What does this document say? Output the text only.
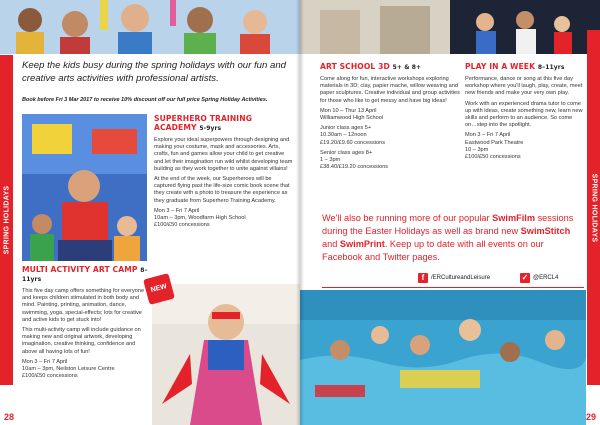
SPRING HOLIDAYS
Keep the kids busy during the spring holidays with our fun and creative arts activities with professional artists.
Book before Fri 3 Mar 2017 to receive 10% discount off our full price Spring Holiday Activities.
SUPERHERO TRAINING ACADEMY 5-9yrs

Explore your ideal superpowers through designing and making your costume, mask and accessories. Arts, crafts, fun and games allow your child to get creative and let their imagination run wild whilst developing team building as they work together to unite against villains!

At the end of the week, our Superheroes will be captured flying past the life-size comic book scene that they create with a photo to treasure the experience as they graduate from Superhero Training Academy.

Mon 3 – Fri 7 April

10am – 3pm, Woodfarm High School

£100/£50 concessions

MULTI ACTIVITY ART CAMP 8–11yrs

This five day camp offers something for everyone and keeps children stimulated in both body and mind. Painting, printing, animation, dance, swimming, yoga, special-effects; lots for creative and active kids to get stuck into!

This multi-activity camp will include guidance on making new and original artwork, developing imagination, creative thinking, confidence and above all having lots of fun!

Mon 3 – Fri 7 April

10am – 3pm, Neilston Leisure Centre

£100/£50 concessions

NEW
28
SPRING HOLIDAYS
ART SCHOOL 3D 5+ & 8+

Come along for fun, interactive workshops exploring materials in 3D; clay, papier mache, willow weaving and paper sculptures. Creative individual and group activities for those who like to get messy and have big ideas!

Mon 10 – Thur 13 April

Williamwood High School

Junior class ages 5+

10.30am – 12noon

£19.20/£9.60 concessions

Senior class ages 8+

1 – 3pm

£38.40/£19.20 concessions

PLAY IN A WEEK 8–11yrs

Performance, dance or song at this five day workshop where you'll laugh, play, create, meet new friends and make your very own play.

Work with an experienced drama tutor to come up with ideas, create something new, learn new skills and perform to an audience. So come on…step into the spotlight.

Mon 3 – Fri 7 April

Eastwood Park Theatre

10 – 3pm

£100/£50 concessions

We'll also be running more of our popular SwimFilm sessions during the Easter Holidays as well as brand new SwimStitch and SwimPrint. Keep up to date with all events on our Facebook and Twitter pages.
f	/ERCultureandLeisure	✓ @ERCL4
29
